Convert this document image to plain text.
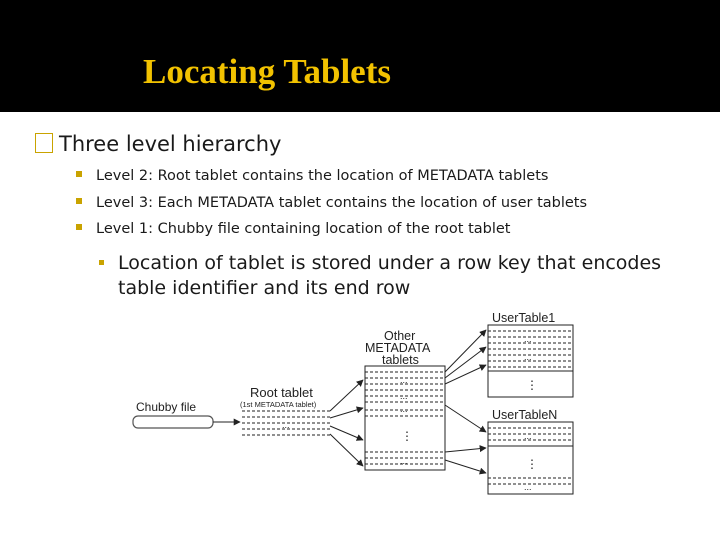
Locating Tablets
Three level hierarchy
Level 2: Root tablet contains the location of METADATA tablets
Level 3: Each METADATA tablet contains the location of user tablets
Level 1: Chubby file containing location of the root tablet
Location of tablet is stored under a row key that encodes table identifier and its end row
Chubby file
Root tablet
(1st METADATA tablet)
...
Other
METADATA
tablets
...
...
...
⋮
...
UserTable1
...
...
⋮
UserTableN
...
⋮
...
